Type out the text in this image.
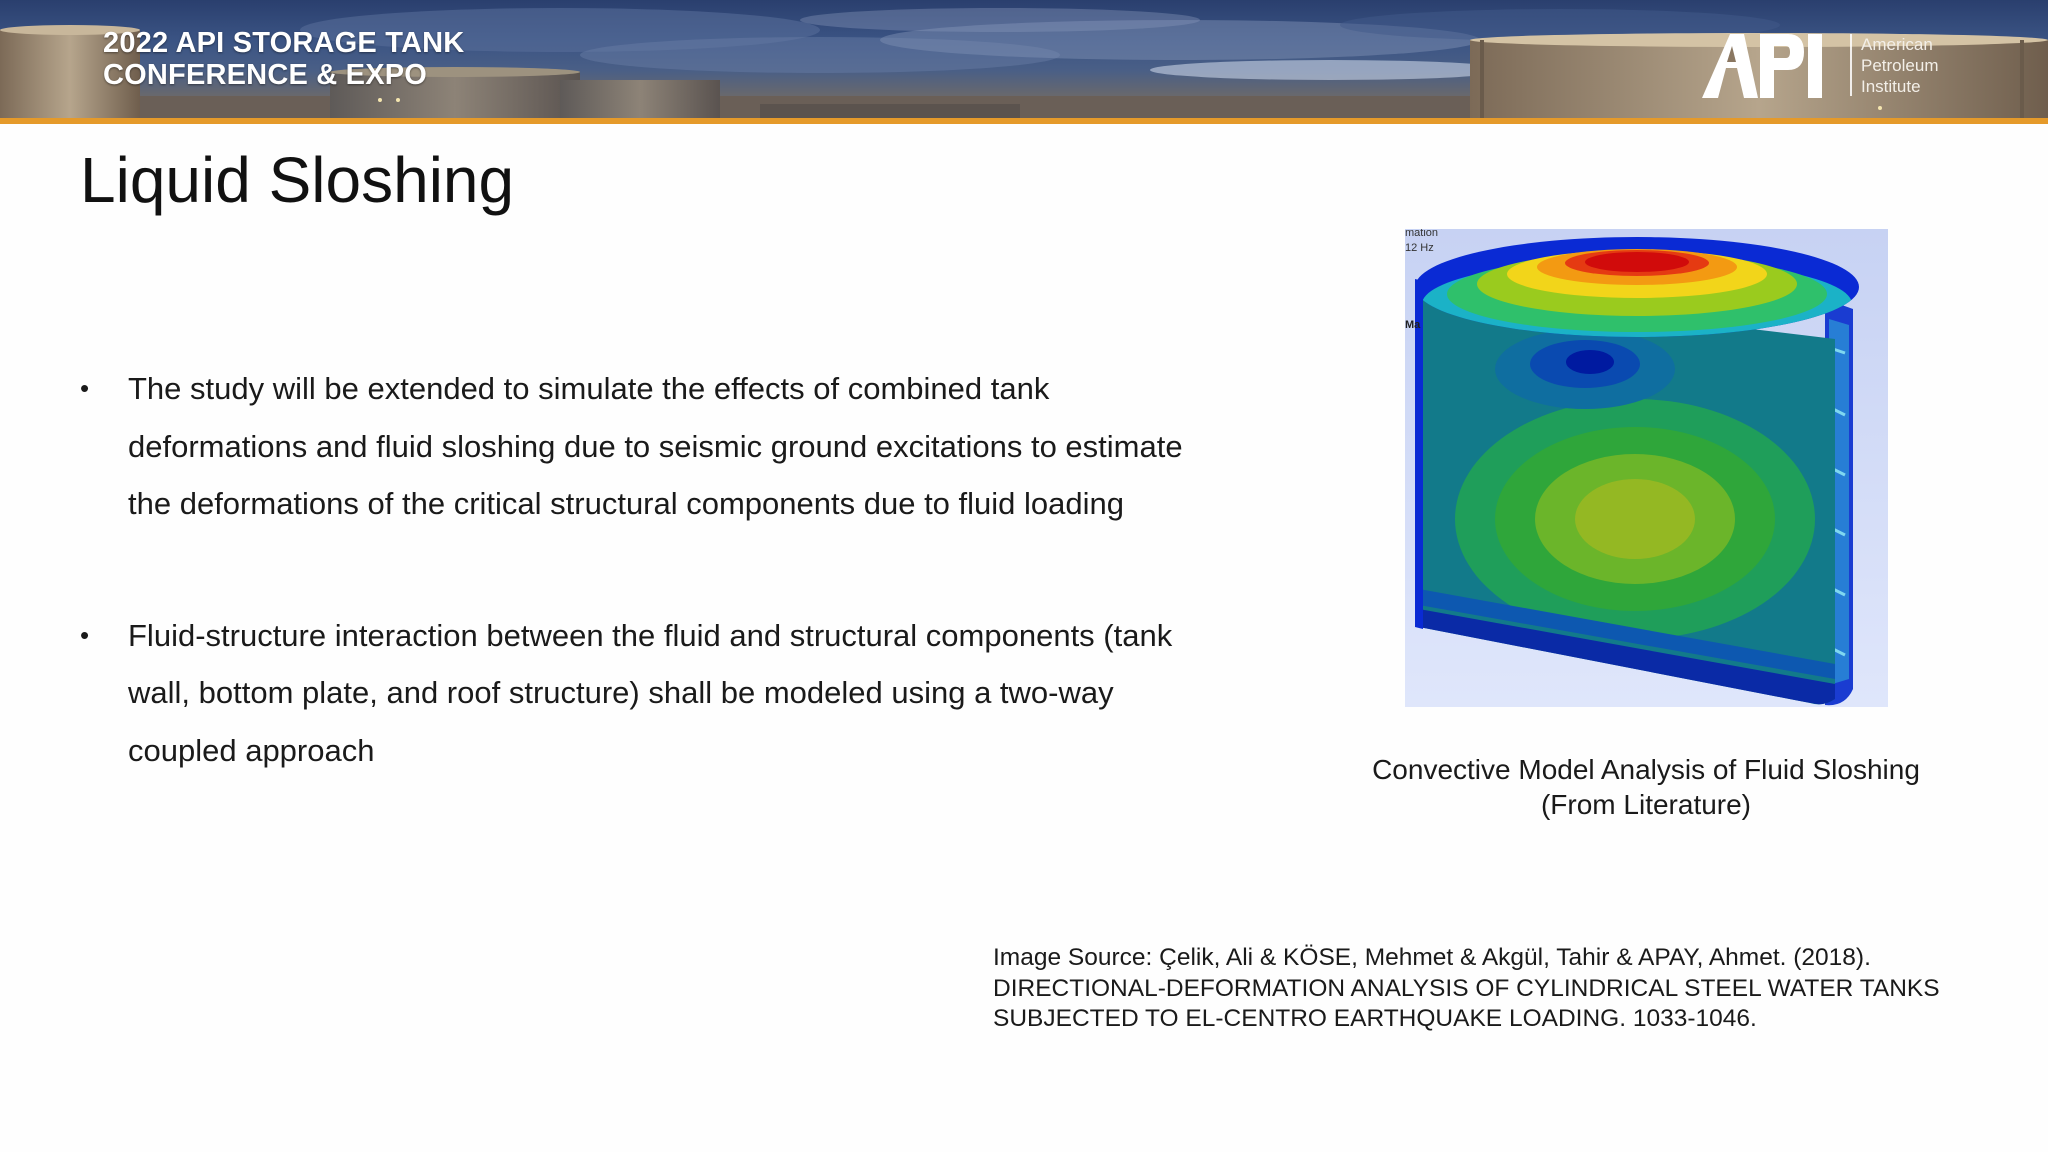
2022 API STORAGE TANK
CONFERENCE & EXPO
American
Petroleum
Institute
Liquid Sloshing
•	The study will be extended to simulate the effects of combined tank
deformations and fluid sloshing due to seismic ground excitations to estimate
the deformations of the critical structural components due to fluid loading
•	Fluid-structure interaction between the fluid and structural components (tank
wall, bottom plate, and roof structure) shall be modeled using a two-way
coupled approach
mation
12 Hz
Ma
Convective Model Analysis of Fluid Sloshing
(From Literature)
Image Source: Çelik, Ali & KÖSE, Mehmet & Akgül, Tahir & APAY, Ahmet. (2018).
DIRECTIONAL-DEFORMATION ANALYSIS OF CYLINDRICAL STEEL WATER TANKS
SUBJECTED TO EL-CENTRO EARTHQUAKE LOADING. 1033-1046.
